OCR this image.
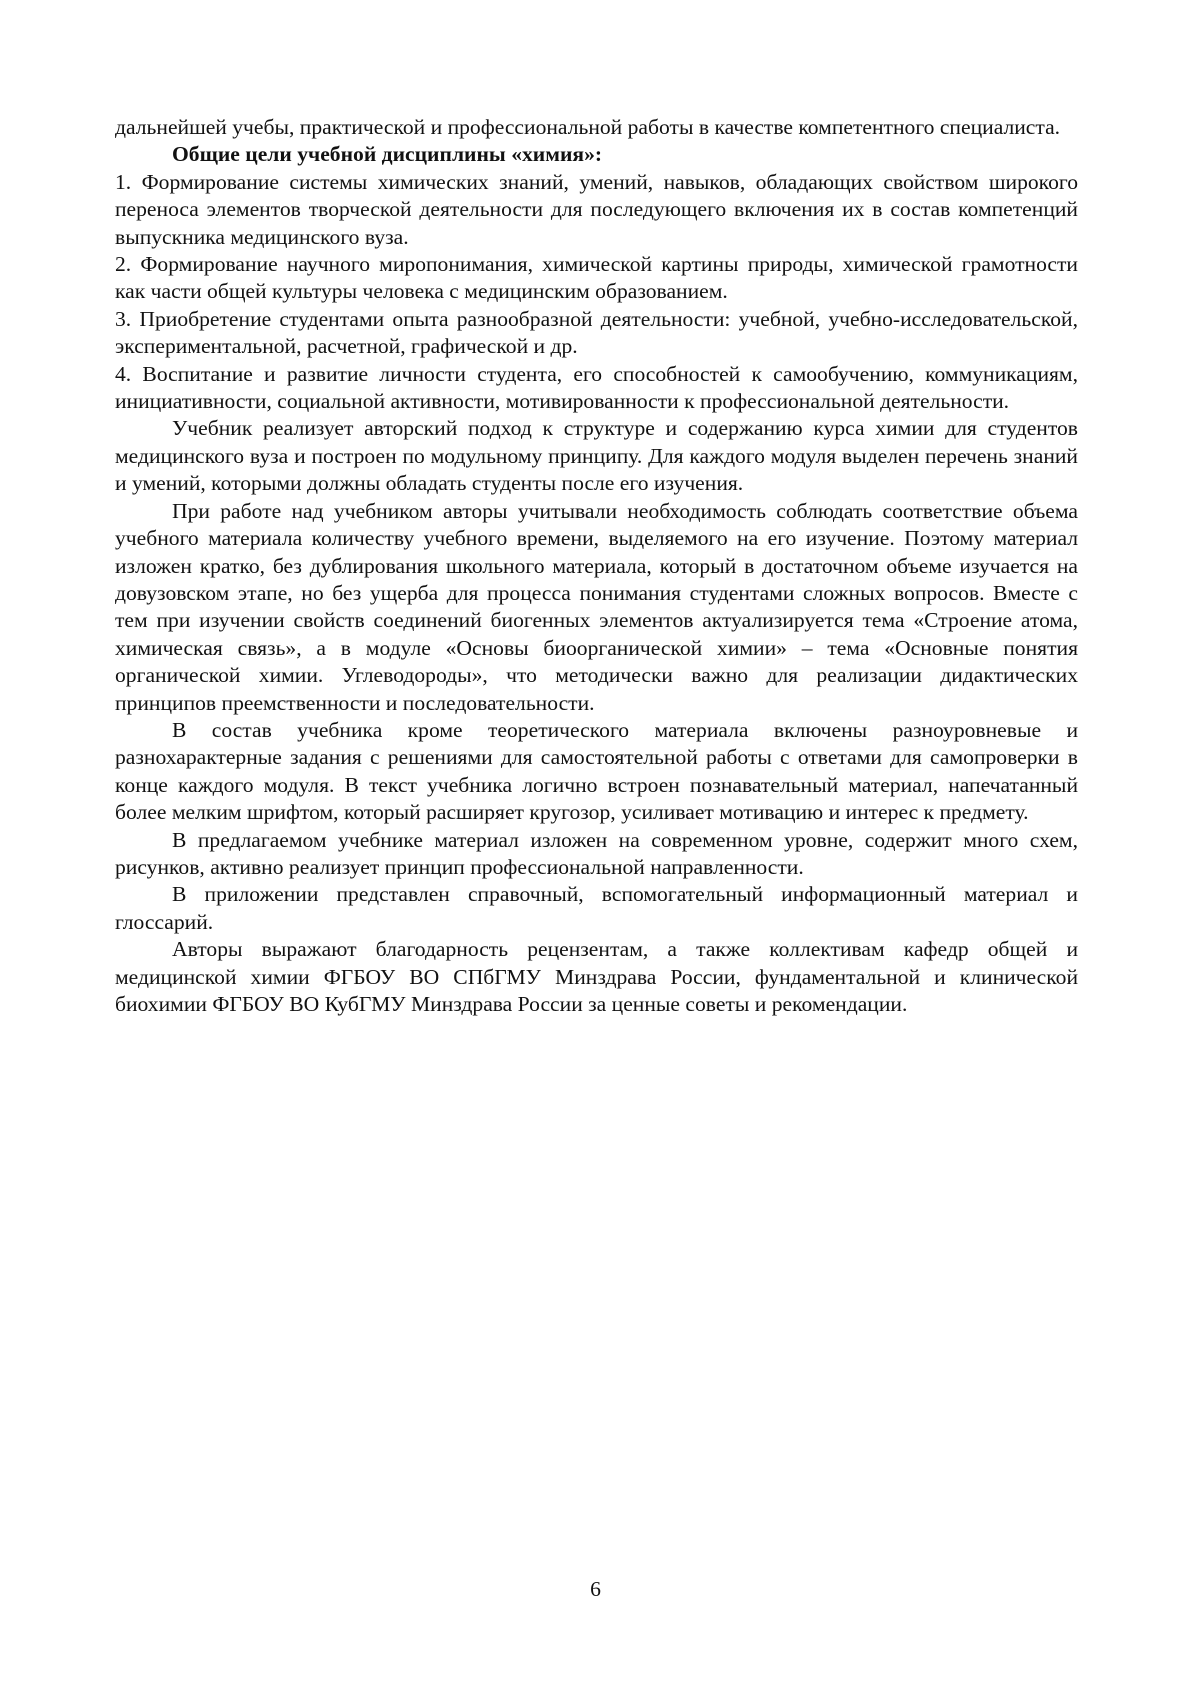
дальнейшей учебы, практической и профессиональной работы в качестве компетентного специалиста.

Общие цели учебной дисциплины «химия»:

1. Формирование системы химических знаний, умений, навыков, обладающих свойством широкого переноса элементов творческой деятельности для последующего включения их в состав компетенций выпускника медицинского вуза.

2. Формирование научного миропонимания, химической картины природы, химической грамотности как части общей культуры человека с медицинским образованием.

3. Приобретение студентами опыта разнообразной деятельности: учебной, учебно-исследовательской, экспериментальной, расчетной, графической и др.

4. Воспитание и развитие личности студента, его способностей к самообучению, коммуникациям, инициативности, социальной активности, мотивированности к профессиональной деятельности.

Учебник реализует авторский подход к структуре и содержанию курса химии для студентов медицинского вуза и построен по модульному принципу. Для каждого модуля выделен перечень знаний и умений, которыми должны обладать студенты после его изучения.

При работе над учебником авторы учитывали необходимость соблюдать соответствие объема учебного материала количеству учебного времени, выделяемого на его изучение. Поэтому материал изложен кратко, без дублирования школьного материала, который в достаточном объеме изучается на довузовском этапе, но без ущерба для процесса понимания студентами сложных вопросов. Вместе с тем при изучении свойств соединений биогенных элементов актуализируется тема «Строение атома, химическая связь», а в модуле «Основы биоорганической химии» – тема «Основные понятия органической химии. Углеводороды», что методически важно для реализации дидактических принципов преемственности и последовательности.

В состав учебника кроме теоретического материала включены разноуровневые и разнохарактерные задания с решениями для самостоятельной работы с ответами для самопроверки в конце каждого модуля. В текст учебника логично встроен познавательный материал, напечатанный более мелким шрифтом, который расширяет кругозор, усиливает мотивацию и интерес к предмету.

В предлагаемом учебнике материал изложен на современном уровне, содержит много схем, рисунков, активно реализует принцип профессиональной направленности.

В приложении представлен справочный, вспомогательный информационный материал и глоссарий.

Авторы выражают благодарность рецензентам, а также коллективам кафедр общей и медицинской химии ФГБОУ ВО СПбГМУ Минздрава России, фундаментальной и клинической биохимии ФГБОУ ВО КубГМУ Минздрава России за ценные советы и рекомендации.

6
